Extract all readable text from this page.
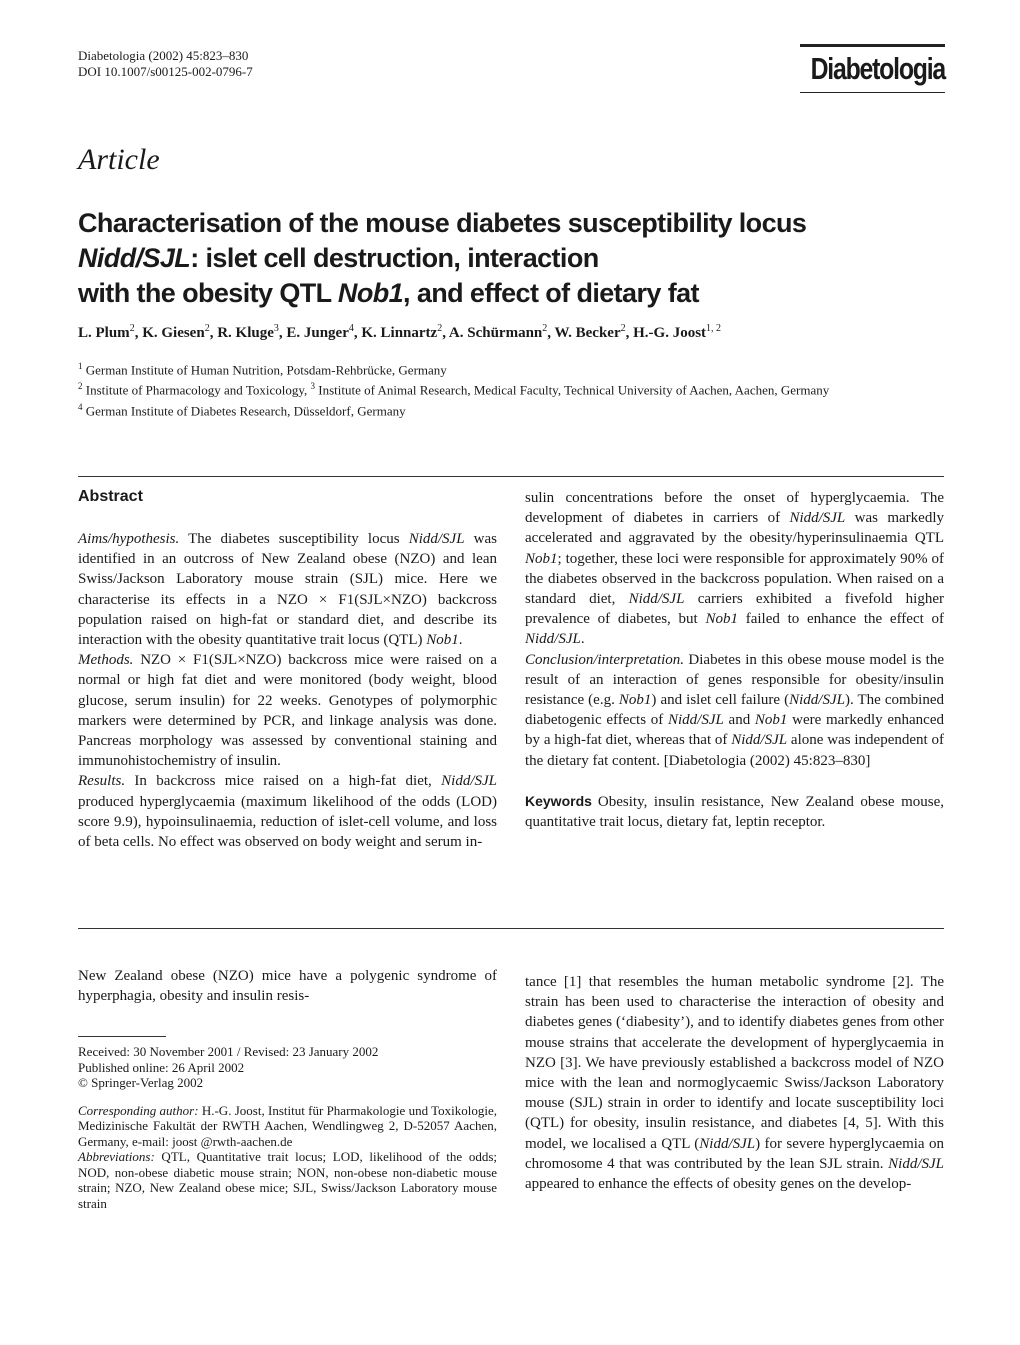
Diabetologia (2002) 45:823–830
DOI 10.1007/s00125-002-0796-7	Diabetologia
Article
Characterisation of the mouse diabetes susceptibility locus
Nidd/SJL: islet cell destruction, interaction
with the obesity QTL Nob1, and effect of dietary fat
L. Plum$^2$, K. Giesen$^2$, R. Kluge$^3$, E. Junger$^4$, K. Linnartz$^2$, A. Schürmann$^2$, W. Becker$^2$, H.-G. Joost$^{1, 2}$
$^1$ German Institute of Human Nutrition, Potsdam-Rehbrücke, Germany
$^2$ Institute of Pharmacology and Toxicology, $^3$ Institute of Animal Research, Medical Faculty, Technical University of Aachen, Aachen, Germany
$^4$ German Institute of Diabetes Research, Düsseldorf, Germany
Abstract
Aims/hypothesis. The diabetes susceptibility locus Nidd/SJL was identified in an outcross of New Zealand obese (NZO) and lean Swiss/Jackson Laboratory mouse strain (SJL) mice. Here we characterise its effects in a NZO × F1(SJL×NZO) backcross population raised on high-fat or standard diet, and describe its interaction with the obesity quantitative trait locus (QTL) Nob1.
Methods. NZO × F1(SJL×NZO) backcross mice were raised on a normal or high fat diet and were monitored (body weight, blood glucose, serum insulin) for 22 weeks. Genotypes of polymorphic markers were determined by PCR, and linkage analysis was done. Pancreas morphology was assessed by conventional staining and immunohistochemistry of insulin.
Results. In backcross mice raised on a high-fat diet, Nidd/SJL produced hyperglycaemia (maximum likelihood of the odds (LOD) score 9.9), hypoinsulinaemia, reduction of islet-cell volume, and loss of beta cells. No effect was observed on body weight and serum in-
sulin concentrations before the onset of hyperglycaemia. The development of diabetes in carriers of Nidd/SJL was markedly accelerated and aggravated by the obesity/hyperinsulinaemia QTL Nob1; together, these loci were responsible for approximately 90% of the diabetes observed in the backcross population. When raised on a standard diet, Nidd/SJL carriers exhibited a fivefold higher prevalence of diabetes, but Nob1 failed to enhance the effect of Nidd/SJL.
Conclusion/interpretation. Diabetes in this obese mouse model is the result of an interaction of genes responsible for obesity/insulin resistance (e.g. Nob1) and islet cell failure (Nidd/SJL). The combined diabetogenic effects of Nidd/SJL and Nob1 were markedly enhanced by a high-fat diet, whereas that of Nidd/SJL alone was independent of the dietary fat content. [Diabetologia (2002) 45:823–830]
Keywords Obesity, insulin resistance, New Zealand obese mouse, quantitative trait locus, dietary fat, leptin receptor.
New Zealand obese (NZO) mice have a polygenic syndrome of hyperphagia, obesity and insulin resis-

Received: 30 November 2001 / Revised: 23 January 2002

Published online: 26 April 2002

© Springer-Verlag 2002

Corresponding author: H.-G. Joost, Institut für Pharmakologie und Toxikologie, Medizinische Fakultät der RWTH Aachen, Wendlingweg 2, D-52057 Aachen, Germany, e-mail: joost @rwth-aachen.de

Abbreviations: QTL, Quantitative trait locus; LOD, likelihood of the odds; NOD, non-obese diabetic mouse strain; NON, non-obese non-diabetic mouse strain; NZO, New Zealand obese mice; SJL, Swiss/Jackson Laboratory mouse strain

tance [1] that resembles the human metabolic syndrome [2]. The strain has been used to characterise the interaction of obesity and diabetes genes (‘diabesity’), and to identify diabetes genes from other mouse strains that accelerate the development of hyperglycaemia in NZO [3]. We have previously established a backcross model of NZO mice with the lean and normoglycaemic Swiss/Jackson Laboratory mouse (SJL) strain in order to identify and locate susceptibility loci (QTL) for obesity, insulin resistance, and diabetes [4, 5]. With this model, we localised a QTL (Nidd/SJL) for severe hyperglycaemia on chromosome 4 that was contributed by the lean SJL strain. Nidd/SJL appeared to enhance the effects of obesity genes on the develop-
